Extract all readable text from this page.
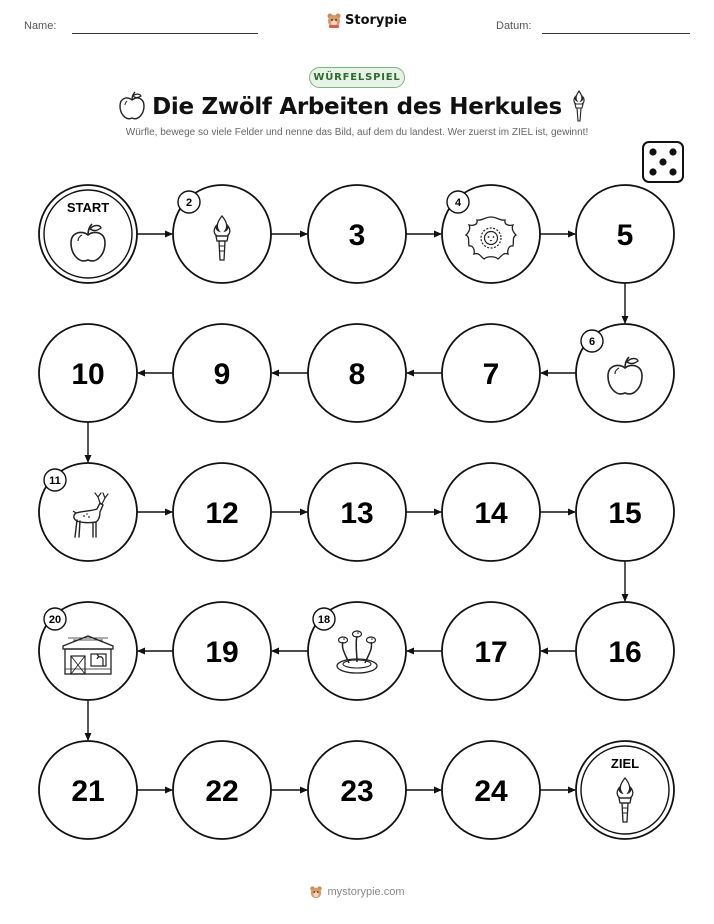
Name:	Storypie	Datum:
WÜRFELSPIEL
Die Zwölf Arbeiten des Herkules
Würfle, bewege so viele Felder und nenne das Bild, auf dem du landest. Wer zuerst im ZIEL ist, gewinnt!
START	2
3
4
5
6
7
8
9
10
11
12	13	14	15
16
17
18
19
20
21	22	23	24
ZIEL
mystorypie.com
